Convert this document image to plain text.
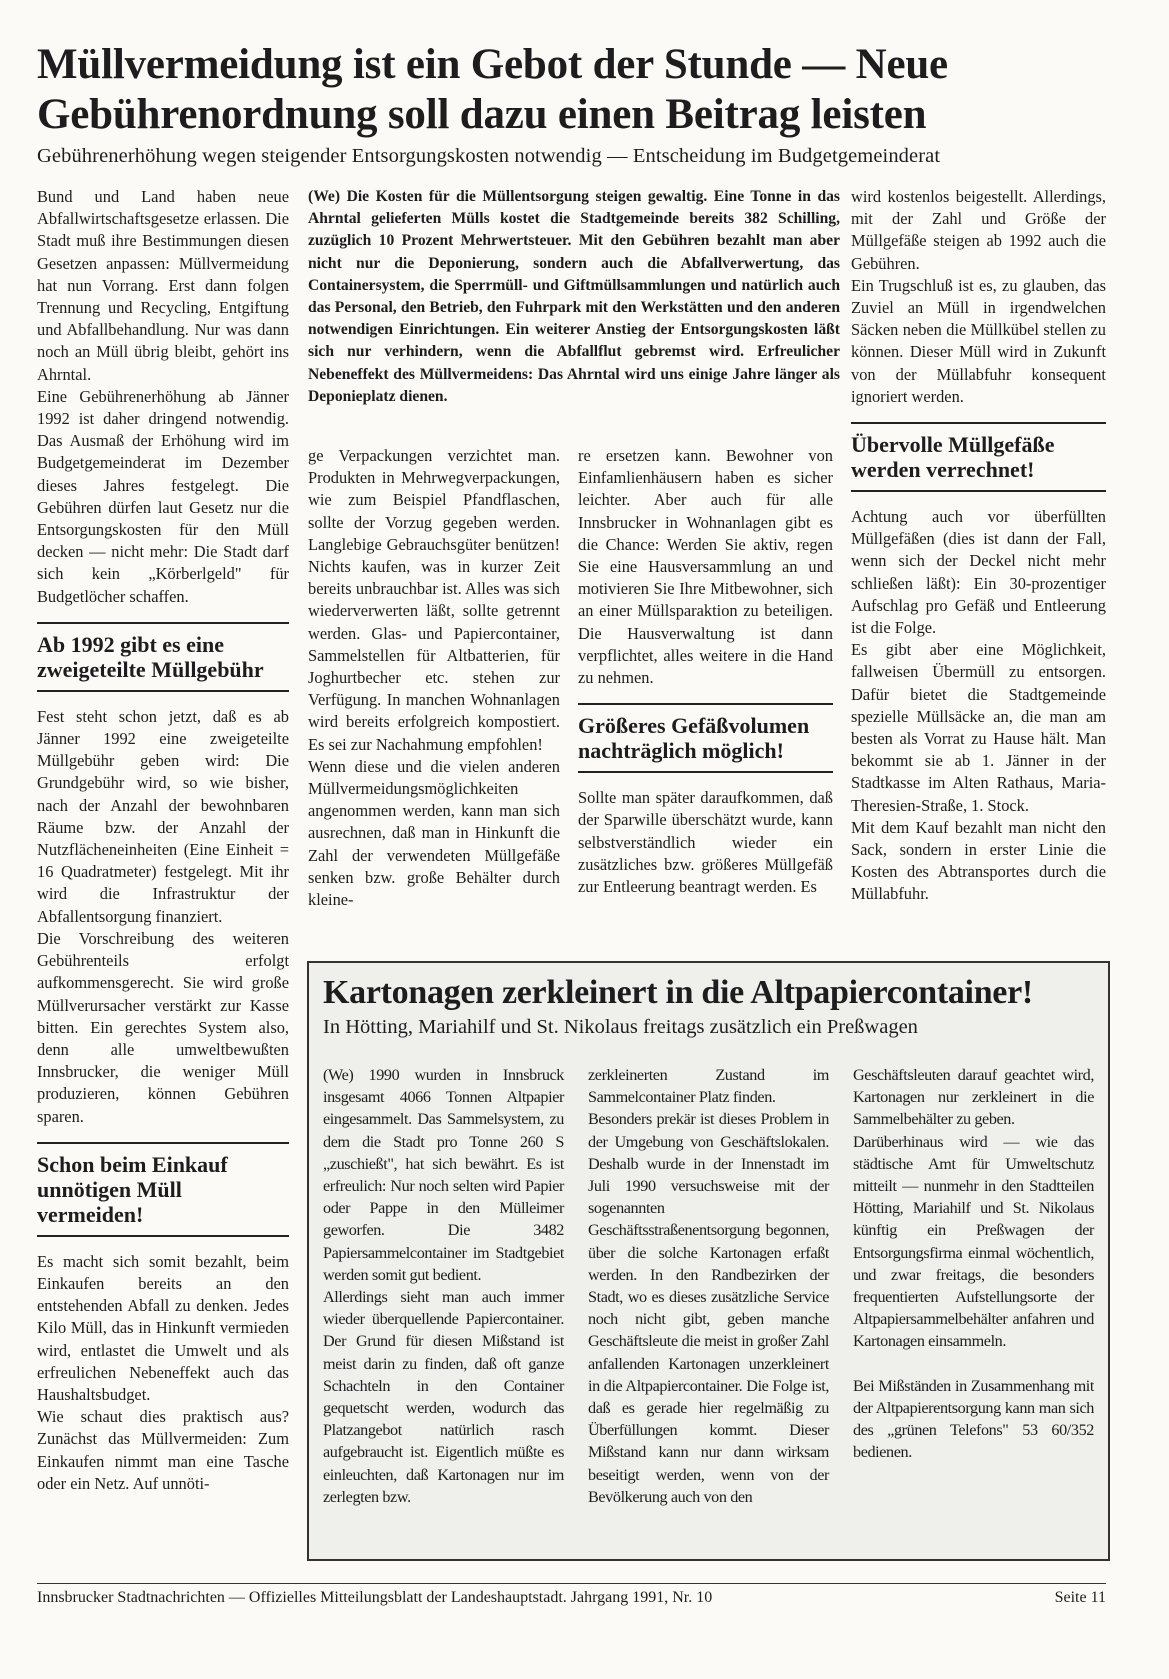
Müllvermeidung ist ein Gebot der Stunde — Neue
Gebührenordnung soll dazu einen Beitrag leisten
Gebührenerhöhung wegen steigender Entsorgungskosten notwendig — Entscheidung im Budgetgemeinderat

Bund und Land haben neue Abfallwirtschaftsgesetze erlassen. Die Stadt muß ihre Bestimmungen diesen Gesetzen anpassen: Müllvermeidung hat nun Vorrang. Erst dann folgen Trennung und Recycling, Entgiftung und Abfallbehandlung. Nur was dann noch an Müll übrig bleibt, gehört ins Ahrntal.

Eine Gebührenerhöhung ab Jänner 1992 ist daher dringend notwendig. Das Ausmaß der Erhöhung wird im Budgetgemeinderat im Dezember dieses Jahres festgelegt. Die Gebühren dürfen laut Gesetz nur die Entsorgungskosten für den Müll decken — nicht mehr: Die Stadt darf sich kein „Körberlgeld" für Budgetlöcher schaffen.

Ab 1992 gibt es eine zweigeteilte Müllgebühr

Fest steht schon jetzt, daß es ab Jänner 1992 eine zweigeteilte Müllgebühr geben wird: Die Grundgebühr wird, so wie bisher, nach der Anzahl der bewohnbaren Räume bzw. der Anzahl der Nutzflächeneinheiten (Eine Einheit = 16 Quadratmeter) festgelegt. Mit ihr wird die Infrastruktur der Abfallentsorgung finanziert.

Die Vorschreibung des weiteren Gebührenteils erfolgt aufkommensgerecht. Sie wird große Müllverursacher verstärkt zur Kasse bitten. Ein gerechtes System also, denn alle umweltbewußten Innsbrucker, die weniger Müll produzieren, können Gebühren sparen.

Schon beim Einkauf unnötigen Müll vermeiden!

Es macht sich somit bezahlt, beim Einkaufen bereits an den entstehenden Abfall zu denken. Jedes Kilo Müll, das in Hinkunft vermieden wird, entlastet die Umwelt und als erfreulichen Nebeneffekt auch das Haushaltsbudget.

Wie schaut dies praktisch aus? Zunächst das Müllvermeiden: Zum Einkaufen nimmt man eine Tasche oder ein Netz. Auf unnöti-

(We) Die Kosten für die Müllentsorgung steigen gewaltig. Eine Tonne in das Ahrntal gelieferten Mülls kostet die Stadtgemeinde bereits 382 Schilling, zuzüglich 10 Prozent Mehrwertsteuer. Mit den Gebühren bezahlt man aber nicht nur die Deponierung, sondern auch die Abfallverwertung, das Containersystem, die Sperrmüll- und Giftmüllsammlungen und natürlich auch das Personal, den Betrieb, den Fuhrpark mit den Werkstätten und den anderen notwendigen Einrichtungen. Ein weiterer Anstieg der Entsorgungskosten läßt sich nur verhindern, wenn die Abfallflut gebremst wird. Erfreulicher Nebeneffekt des Müllvermeidens: Das Ahrntal wird uns einige Jahre länger als Deponieplatz dienen.

ge Verpackungen verzichtet man. Produkten in Mehrwegverpackungen, wie zum Beispiel Pfandflaschen, sollte der Vorzug gegeben werden. Langlebige Gebrauchsgüter benützen! Nichts kaufen, was in kurzer Zeit bereits unbrauchbar ist. Alles was sich wiederverwerten läßt, sollte getrennt werden. Glas- und Papiercontainer, Sammelstellen für Altbatterien, für Joghurtbecher etc. stehen zur Verfügung. In manchen Wohnanlagen wird bereits erfolgreich kompostiert. Es sei zur Nachahmung empfohlen!

Wenn diese und die vielen anderen Müllvermeidungsmöglichkeiten angenommen werden, kann man sich ausrechnen, daß man in Hinkunft die Zahl der verwendeten Müllgefäße senken bzw. große Behälter durch kleine-

re ersetzen kann. Bewohner von Einfamlienhäusern haben es sicher leichter. Aber auch für alle Innsbrucker in Wohnanlagen gibt es die Chance: Werden Sie aktiv, regen Sie eine Hausversammlung an und motivieren Sie Ihre Mitbewohner, sich an einer Müllsparaktion zu beteiligen. Die Hausverwaltung ist dann verpflichtet, alles weitere in die Hand zu nehmen.

Größeres Gefäßvolumen nachträglich möglich!

Sollte man später daraufkommen, daß der Sparwille überschätzt wurde, kann selbstverständlich wieder ein zusätzliches bzw. größeres Müllgefäß zur Entleerung beantragt werden. Es

wird kostenlos beigestellt. Allerdings, mit der Zahl und Größe der Müllgefäße steigen ab 1992 auch die Gebühren.

Ein Trugschluß ist es, zu glauben, das Zuviel an Müll in irgendwelchen Säcken neben die Müllkübel stellen zu können. Dieser Müll wird in Zukunft von der Müllabfuhr konsequent ignoriert werden.

Übervolle Müllgefäße werden verrechnet!

Achtung auch vor überfüllten Müllgefäßen (dies ist dann der Fall, wenn sich der Deckel nicht mehr schließen läßt): Ein 30-prozentiger Aufschlag pro Gefäß und Entleerung ist die Folge.

Es gibt aber eine Möglichkeit, fallweisen Übermüll zu entsorgen. Dafür bietet die Stadtgemeinde spezielle Müllsäcke an, die man am besten als Vorrat zu Hause hält. Man bekommt sie ab 1. Jänner in der Stadtkasse im Alten Rathaus, Maria-Theresien-Straße, 1. Stock.

Mit dem Kauf bezahlt man nicht den Sack, sondern in erster Linie die Kosten des Abtransportes durch die Müllabfuhr.

Kartonagen zerkleinert in die Altpapiercontainer!
In Hötting, Mariahilf und St. Nikolaus freitags zusätzlich ein Preßwagen

(We) 1990 wurden in Innsbruck insgesamt 4066 Tonnen Altpapier eingesammelt. Das Sammelsystem, zu dem die Stadt pro Tonne 260 S „zuschießt", hat sich bewährt. Es ist erfreulich: Nur noch selten wird Papier oder Pappe in den Mülleimer geworfen. Die 3482 Papiersammelcontainer im Stadtgebiet werden somit gut bedient.

Allerdings sieht man auch immer wieder überquellende Papiercontainer. Der Grund für diesen Mißstand ist meist darin zu finden, daß oft ganze Schachteln in den Container gequetscht werden, wodurch das Platzangebot natürlich rasch aufgebraucht ist. Eigentlich müßte es einleuchten, daß Kartonagen nur im zerlegten bzw.

zerkleinerten Zustand im Sammelcontainer Platz finden.

Besonders prekär ist dieses Problem in der Umgebung von Geschäftslokalen. Deshalb wurde in der Innenstadt im Juli 1990 versuchsweise mit der sogenannten Geschäftsstraßenentsorgung begonnen, über die solche Kartonagen erfaßt werden. In den Randbezirken der Stadt, wo es dieses zusätzliche Service noch nicht gibt, geben manche Geschäftsleute die meist in großer Zahl anfallenden Kartonagen unzerkleinert in die Altpapiercontainer. Die Folge ist, daß es gerade hier regelmäßig zu Überfüllungen kommt. Dieser Mißstand kann nur dann wirksam beseitigt werden, wenn von der Bevölkerung auch von den

Geschäftsleuten darauf geachtet wird, Kartonagen nur zerkleinert in die Sammelbehälter zu geben.

Darüberhinaus wird — wie das städtische Amt für Umweltschutz mitteilt — nunmehr in den Stadtteilen Hötting, Mariahilf und St. Nikolaus künftig ein Preßwagen der Entsorgungsfirma einmal wöchentlich, und zwar freitags, die besonders frequentierten Aufstellungsorte der Altpapiersammelbehälter anfahren und Kartonagen einsammeln.

Bei Mißständen in Zusammenhang mit der Altpapierentsorgung kann man sich des „grünen Telefons" 53 60/352 bedienen.

Innsbrucker Stadtnachrichten — Offizielles Mitteilungsblatt der Landeshauptstadt. Jahrgang 1991, Nr. 10	Seite 11
